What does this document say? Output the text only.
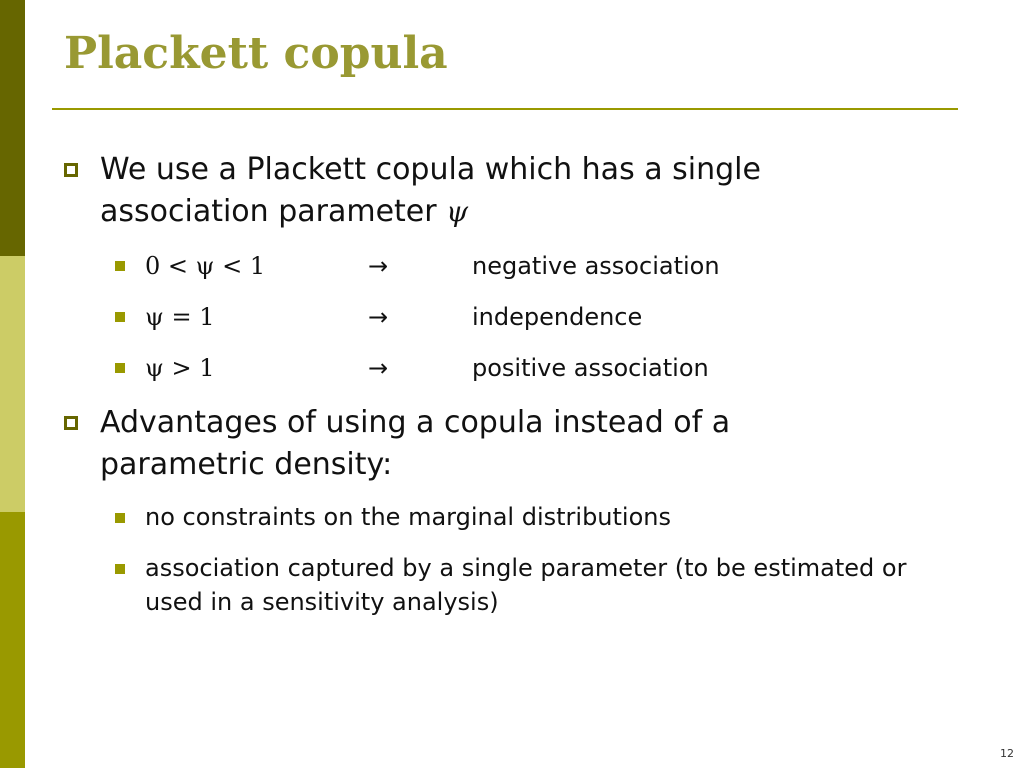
Plackett copula

We use a Plackett copula which has a single association parameter ψ

0 < ψ < 1	→	negative association
ψ = 1	→	independence
ψ > 1	→	positive association

Advantages of using a copula instead of a parametric density:

no constraints on the marginal distributions

association captured by a single parameter (to be estimated or used in a sensitivity analysis)

12
